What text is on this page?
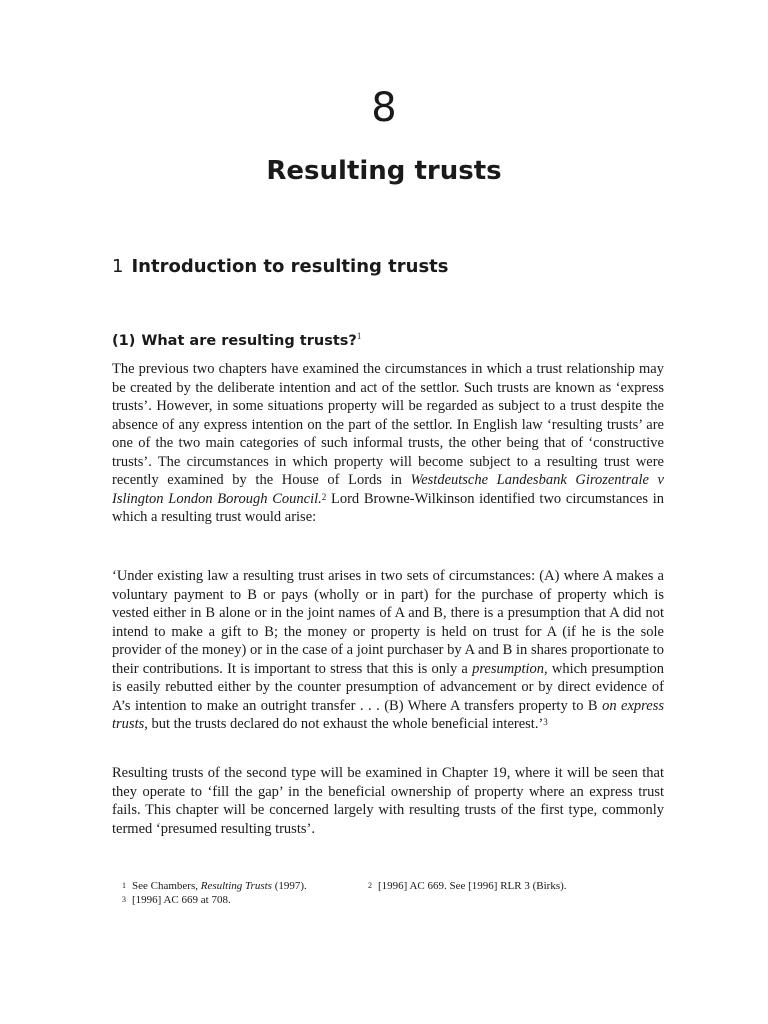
8
Resulting trusts
1 Introduction to resulting trusts
(1) What are resulting trusts?$^1$

The previous two chapters have examined the circumstances in which a trust relationship may be created by the deliberate intention and act of the settlor. Such trusts are known as ‘express trusts’. However, in some situations property will be regarded as subject to a trust despite the absence of any express intention on the part of the settlor. In English law ‘resulting trusts’ are one of the two main categories of such informal trusts, the other being that of ‘constructive trusts’. The circumstances in which property will become subject to a resulting trust were recently examined by the House of Lords in Westdeutsche Landesbank Girozentrale v Islington London Borough Council.$^2$ Lord Browne-Wilkinson identified two circumstances in which a resulting trust would arise:

‘Under existing law a resulting trust arises in two sets of circumstances: (A) where A makes a voluntary payment to B or pays (wholly or in part) for the purchase of property which is vested either in B alone or in the joint names of A and B, there is a presumption that A did not intend to make a gift to B; the money or property is held on trust for A (if he is the sole provider of the money) or in the case of a joint purchaser by A and B in shares proportionate to their contributions. It is important to stress that this is only a presumption, which presumption is easily rebutted either by the counter presumption of advancement or by direct evidence of A’s intention to make an outright transfer . . . (B) Where A transfers property to B on express trusts, but the trusts declared do not exhaust the whole beneficial interest.’$^3$

Resulting trusts of the second type will be examined in Chapter 19, where it will be seen that they operate to ‘fill the gap’ in the beneficial ownership of property where an express trust fails. This chapter will be concerned largely with resulting trusts of the first type, commonly termed ‘presumed resulting trusts’.

$^1$ See Chambers, Resulting Trusts (1997).	$^2$ [1996] AC 669. See [1996] RLR 3 (Birks).
$^3$ [1996] AC 669 at 708.
